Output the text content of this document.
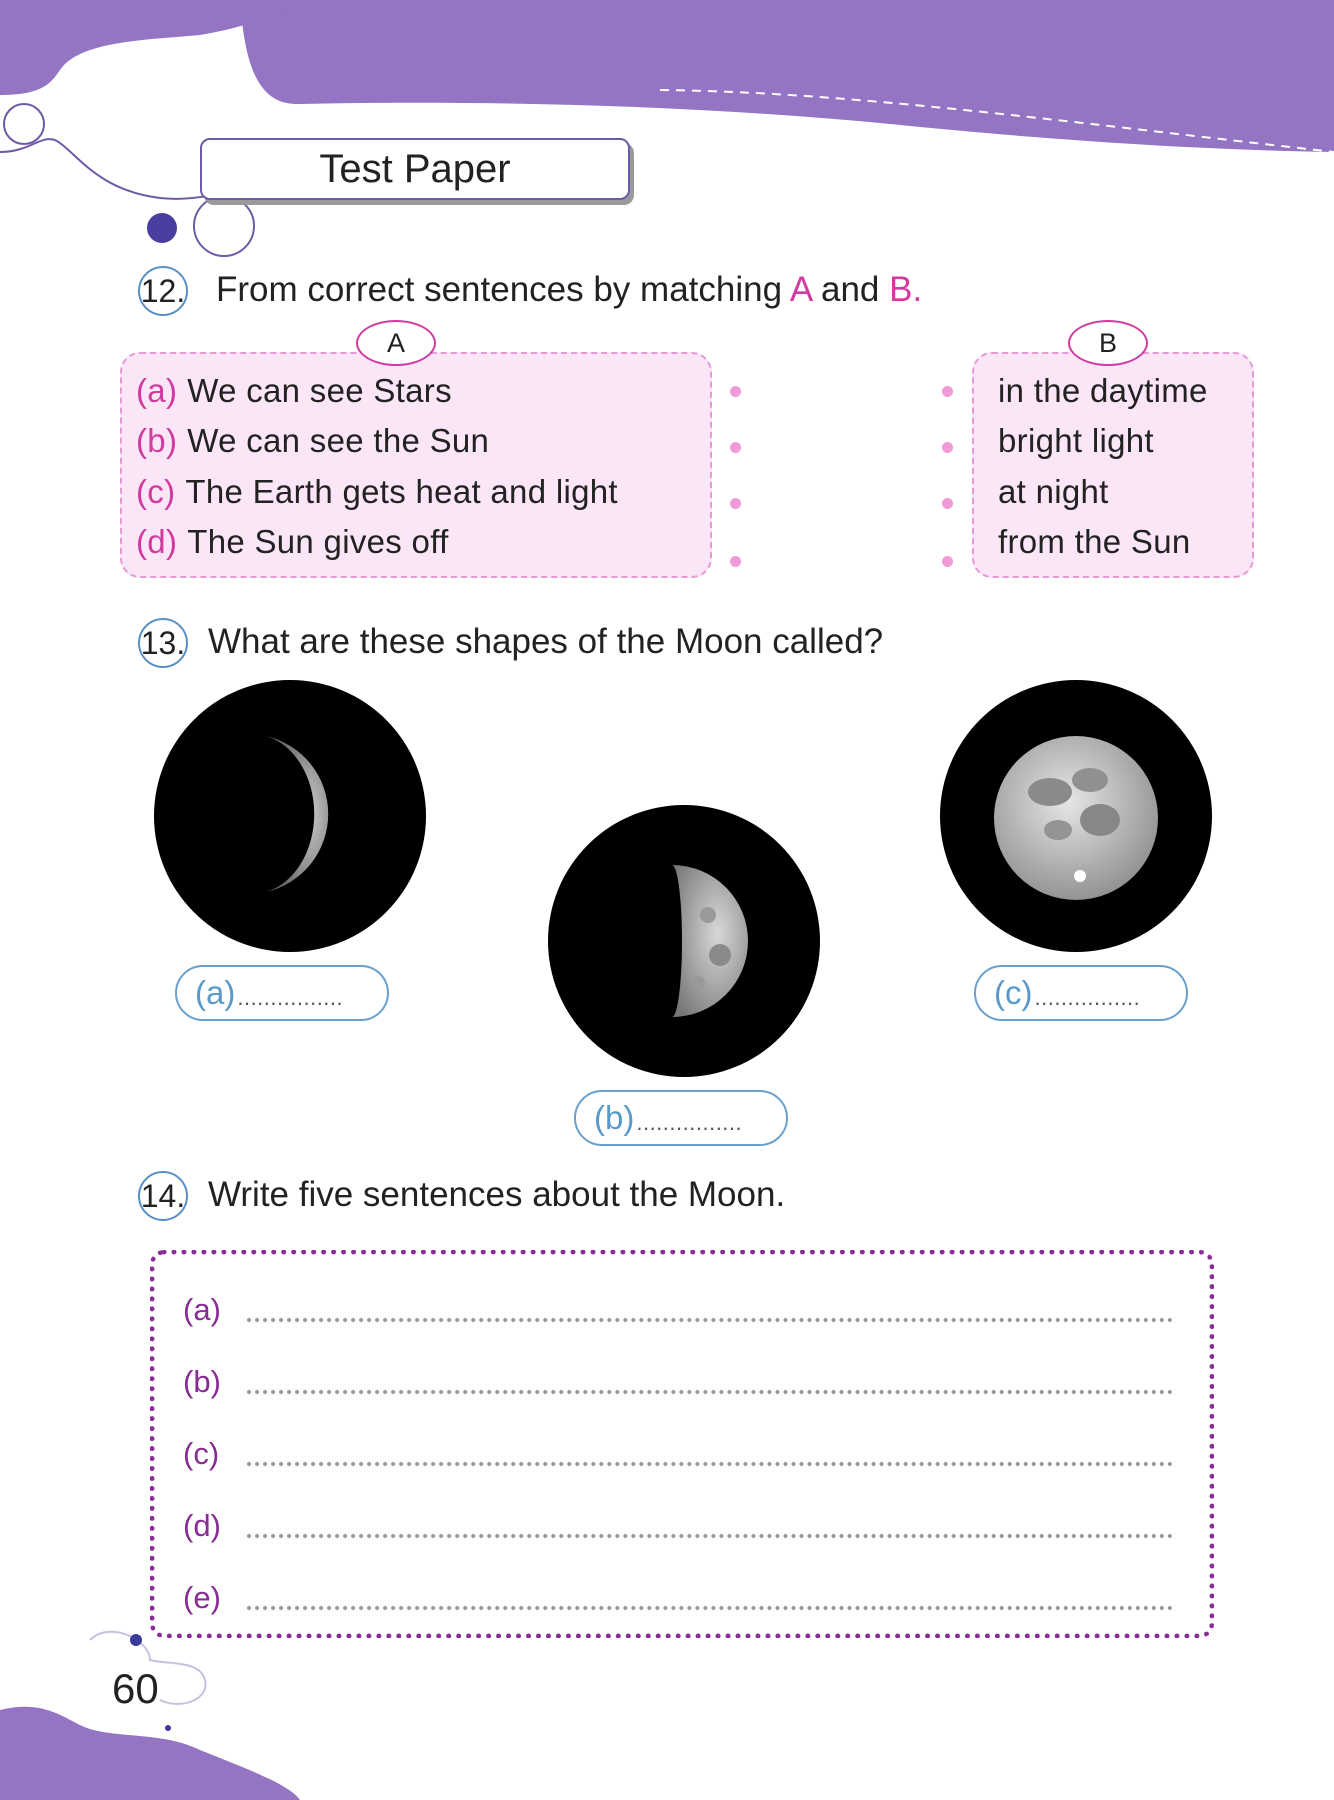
Test Paper
12. From correct sentences by matching A and B.
A	B
(a) We can see Stars
(b) We can see the Sun
(c) The Earth gets heat and light
(d) The Sun gives off
in the daytime
bright light
at night
from the Sun
13. What are these shapes of the Moon called?
(a) ................
(b) ................
(c) ................
14. Write five sentences about the Moon.
(a)
(b)
(c)
(d)
(e)
60
